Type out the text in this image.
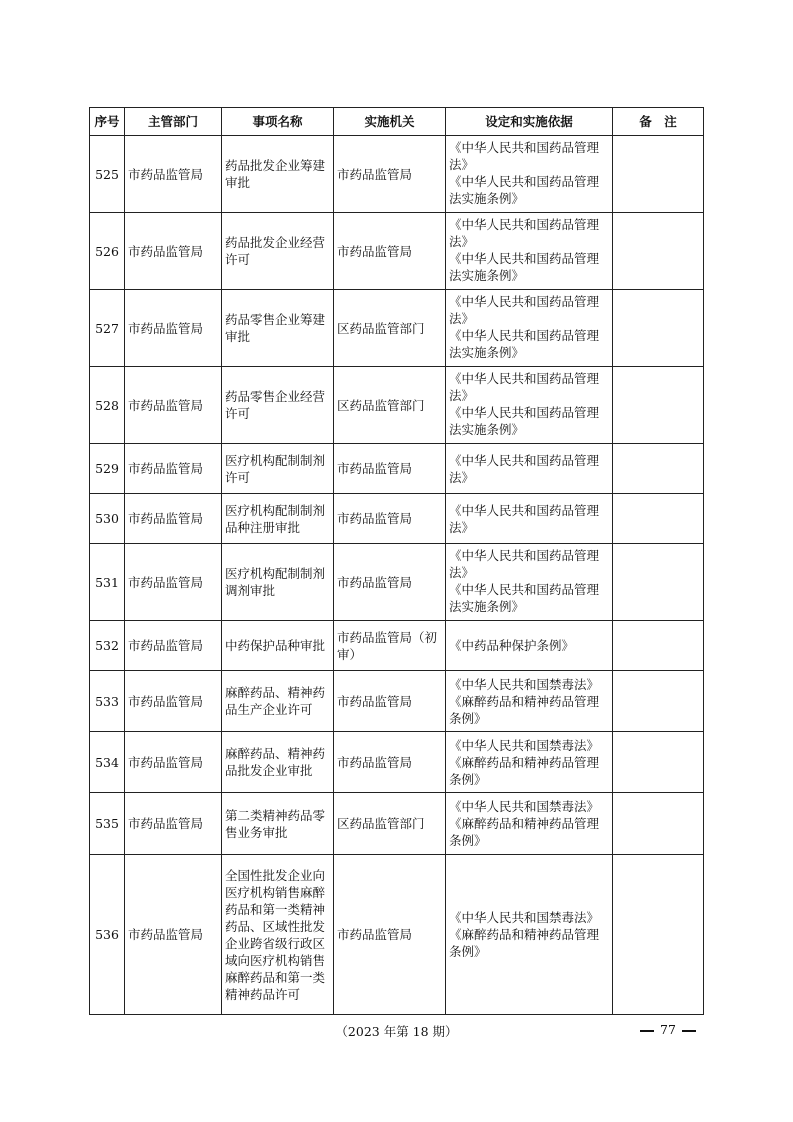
序号	主管部门	事项名称	实施机关	设定和实施依据	备　注
525	市药品监管局	药品批发企业筹建审批	市药品监管局	《中华人民共和国药品管理法》
《中华人民共和国药品管理法实施条例》	

526	市药品监管局	药品批发企业经营许可	市药品监管局	《中华人民共和国药品管理法》
《中华人民共和国药品管理法实施条例》	

527	市药品监管局	药品零售企业筹建审批	区药品监管部门	《中华人民共和国药品管理法》
《中华人民共和国药品管理法实施条例》	

528	市药品监管局	药品零售企业经营许可	区药品监管部门	《中华人民共和国药品管理法》
《中华人民共和国药品管理法实施条例》	

529	市药品监管局	医疗机构配制制剂许可	市药品监管局	《中华人民共和国药品管理法》	

530	市药品监管局	医疗机构配制制剂品种注册审批	市药品监管局	《中华人民共和国药品管理法》	

531	市药品监管局	医疗机构配制制剂调剂审批	市药品监管局	《中华人民共和国药品管理法》
《中华人民共和国药品管理法实施条例》	

532	市药品监管局	中药保护品种审批	市药品监管局（初审）	《中药品种保护条例》	

533	市药品监管局	麻醉药品、精神药品生产企业许可	市药品监管局	《中华人民共和国禁毒法》
《麻醉药品和精神药品管理条例》	

534	市药品监管局	麻醉药品、精神药品批发企业审批	市药品监管局	《中华人民共和国禁毒法》
《麻醉药品和精神药品管理条例》	

535	市药品监管局	第二类精神药品零售业务审批	区药品监管部门	《中华人民共和国禁毒法》
《麻醉药品和精神药品管理条例》	

536	市药品监管局	全国性批发企业向医疗机构销售麻醉药品和第一类精神药品、区域性批发企业跨省级行政区域向医疗机构销售麻醉药品和第一类精神药品许可	市药品监管局	《中华人民共和国禁毒法》
《麻醉药品和精神药品管理条例》	

（2023 年第 18 期）	77
